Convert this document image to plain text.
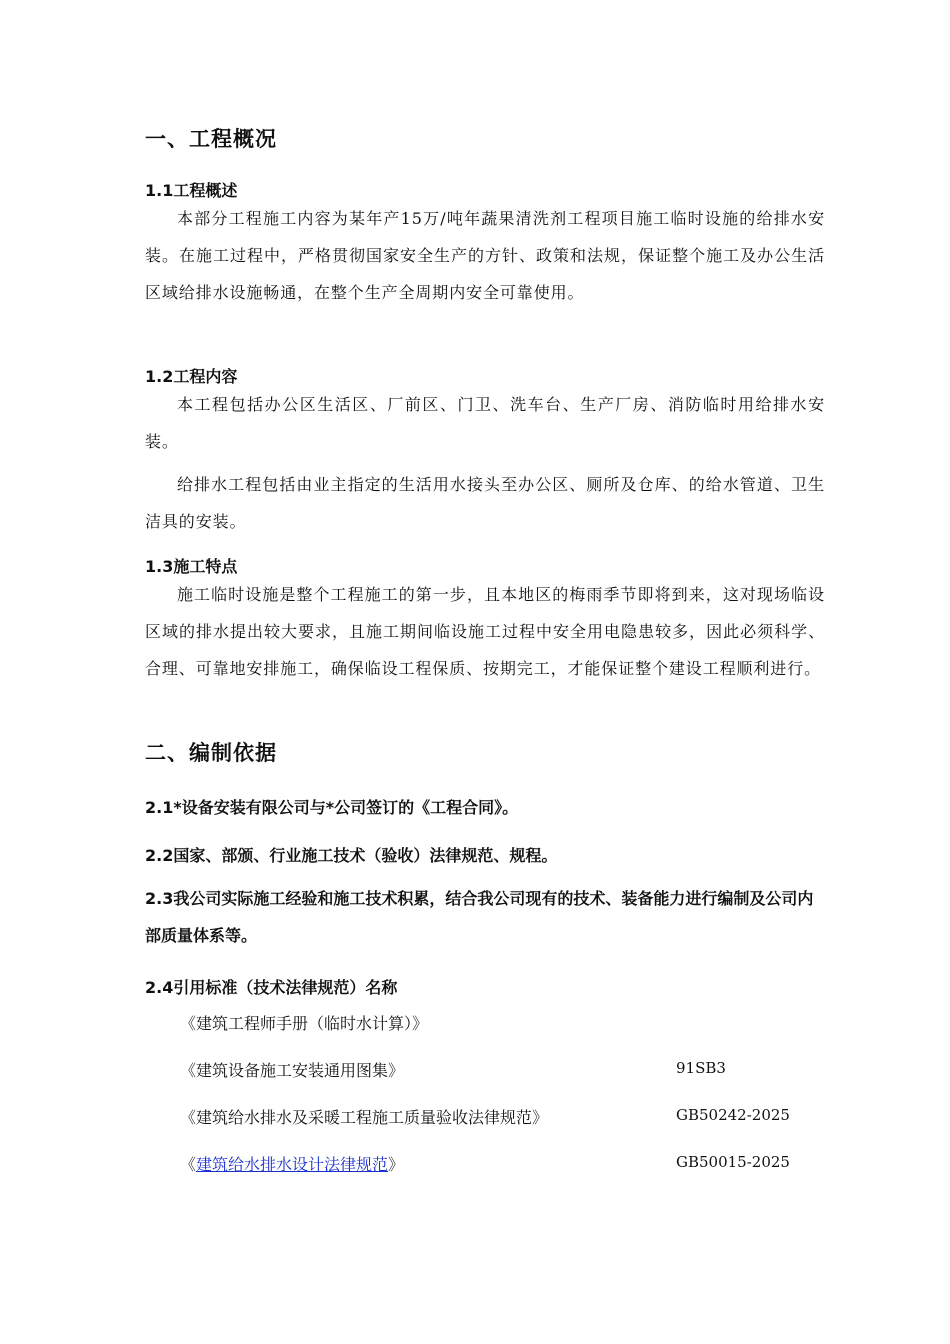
一、工程概况
1.1工程概述
本部分工程施工内容为某年产15万/吨年蔬果清洗剂工程项目施工临时设施的给排水安装。在施工过程中，严格贯彻国家安全生产的方针、政策和法规，保证整个施工及办公生活区域给排水设施畅通，在整个生产全周期内安全可靠使用。
1.2工程内容
本工程包括办公区生活区、厂前区、门卫、洗车台、生产厂房、消防临时用给排水安装。
给排水工程包括由业主指定的生活用水接头至办公区、厕所及仓库、的给水管道、卫生洁具的安装。
1.3施工特点
施工临时设施是整个工程施工的第一步，且本地区的梅雨季节即将到来，这对现场临设区域的排水提出较大要求，且施工期间临设施工过程中安全用电隐患较多，因此必须科学、合理、可靠地安排施工，确保临设工程保质、按期完工，才能保证整个建设工程顺利进行。
二、编制依据
2.1*设备安装有限公司与*公司签订的《工程合同》。
2.2国家、部颁、行业施工技术（验收）法律规范、规程。
2.3我公司实际施工经验和施工技术积累，结合我公司现有的技术、装备能力进行编制及公司内部质量体系等。
2.4引用标准（技术法律规范）名称
《建筑工程师手册（临时水计算）》
《建筑设备施工安装通用图集》	91SB3
《建筑给水排水及采暖工程施工质量验收法律规范》	GB50242-2025
《建筑给水排水设计法律规范》	GB50015-2025
